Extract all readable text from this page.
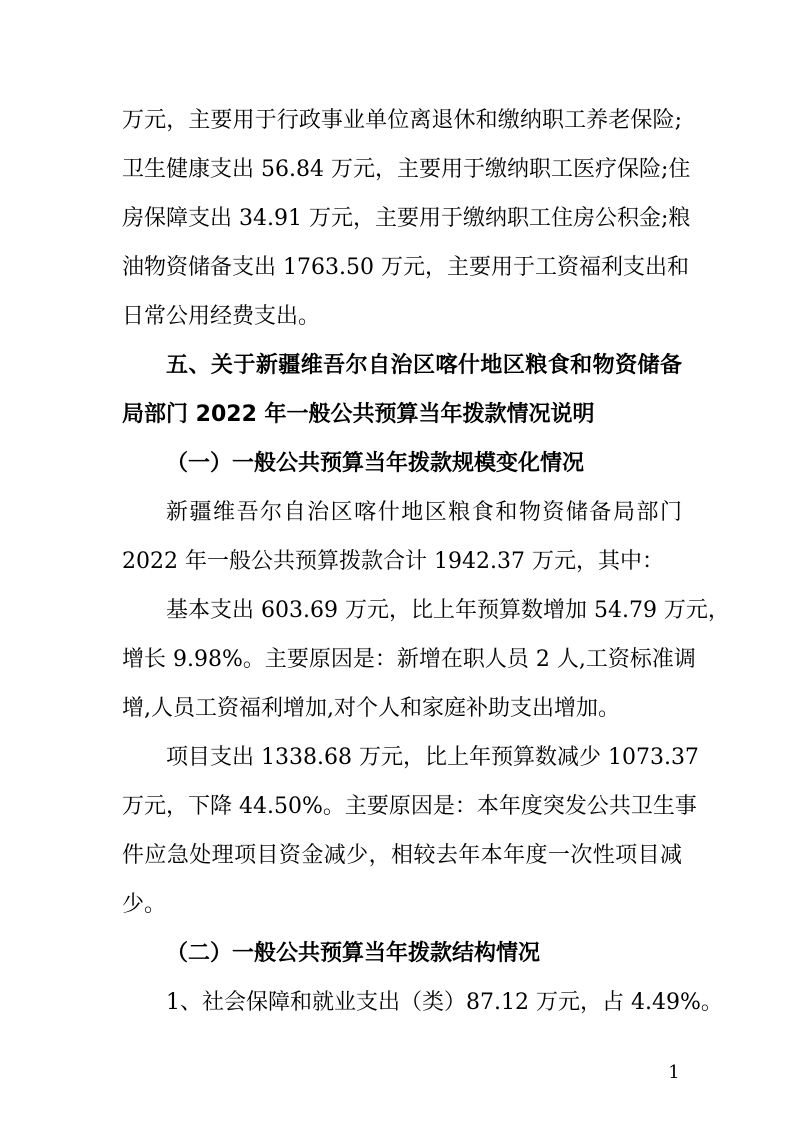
万元，主要用于行政事业单位离退休和缴纳职工养老保险;
卫生健康支出 56.84 万元，主要用于缴纳职工医疗保险;住
房保障支出 34.91 万元，主要用于缴纳职工住房公积金;粮
油物资储备支出 1763.50 万元，主要用于工资福利支出和
日常公用经费支出。
五、关于新疆维吾尔自治区喀什地区粮食和物资储备
局部门 2022 年一般公共预算当年拨款情况说明
（一）一般公共预算当年拨款规模变化情况
新疆维吾尔自治区喀什地区粮食和物资储备局部门
2022 年一般公共预算拨款合计 1942.37 万元，其中：
基本支出 603.69 万元，比上年预算数增加 54.79 万元，
增长 9.98%。主要原因是：新增在职人员 2 人,工资标准调
增,人员工资福利增加,对个人和家庭补助支出增加。
项目支出 1338.68 万元，比上年预算数减少 1073.37
万元，下降 44.50%。主要原因是：本年度突发公共卫生事
件应急处理项目资金减少，相较去年本年度一次性项目减
少。
（二）一般公共预算当年拨款结构情况
1、社会保障和就业支出（类）87.12 万元，占 4.49%。
1
